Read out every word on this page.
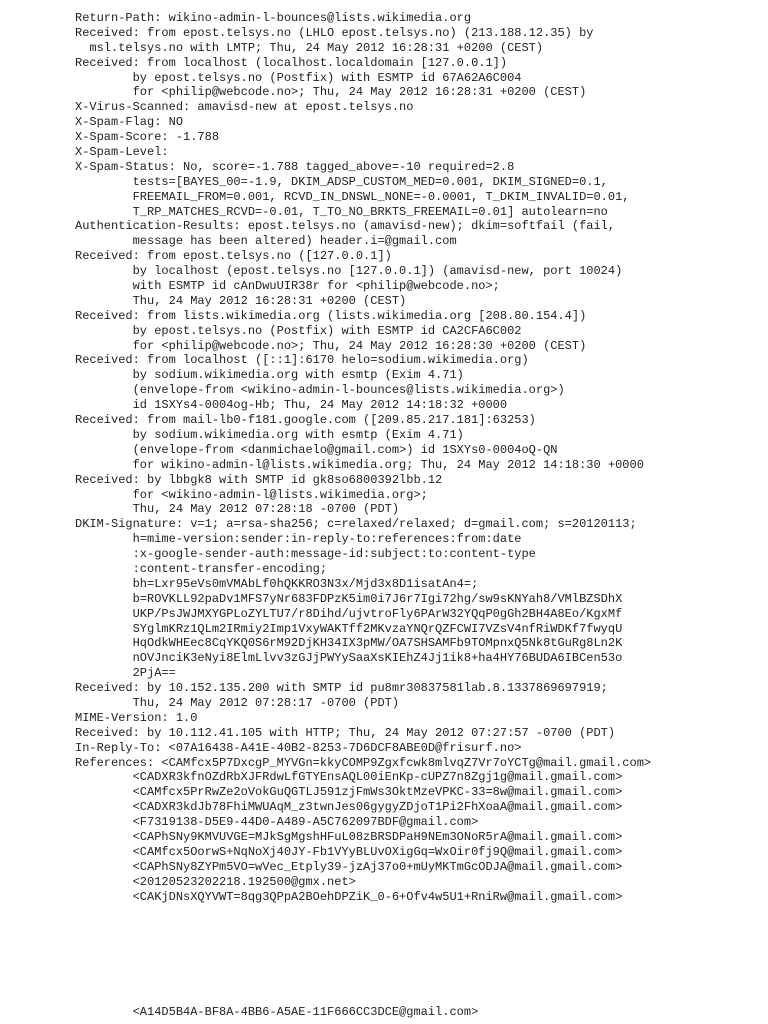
Return-Path: wikino-admin-l-bounces@lists.wikimedia.org
Received: from epost.telsys.no (LHLO epost.telsys.no) (213.188.12.35) by
msl.telsys.no with LMTP; Thu, 24 May 2012 16:28:31 +0200 (CEST)
Received: from localhost (localhost.localdomain [127.0.0.1])
by epost.telsys.no (Postfix) with ESMTP id 67A62A6C004
for <philip@webcode.no>; Thu, 24 May 2012 16:28:31 +0200 (CEST)
X-Virus-Scanned: amavisd-new at epost.telsys.no
X-Spam-Flag: NO
X-Spam-Score: -1.788
X-Spam-Level:
X-Spam-Status: No, score=-1.788 tagged_above=-10 required=2.8
tests=[BAYES_00=-1.9, DKIM_ADSP_CUSTOM_MED=0.001, DKIM_SIGNED=0.1,
FREEMAIL_FROM=0.001, RCVD_IN_DNSWL_NONE=-0.0001, T_DKIM_INVALID=0.01,
T_RP_MATCHES_RCVD=-0.01, T_TO_NO_BRKTS_FREEMAIL=0.01] autolearn=no
Authentication-Results: epost.telsys.no (amavisd-new); dkim=softfail (fail,
message has been altered) header.i=@gmail.com
Received: from epost.telsys.no ([127.0.0.1])
by localhost (epost.telsys.no [127.0.0.1]) (amavisd-new, port 10024)
with ESMTP id cAnDwuUIR38r for <philip@webcode.no>;
Thu, 24 May 2012 16:28:31 +0200 (CEST)
Received: from lists.wikimedia.org (lists.wikimedia.org [208.80.154.4])
by epost.telsys.no (Postfix) with ESMTP id CA2CFA6C002
for <philip@webcode.no>; Thu, 24 May 2012 16:28:30 +0200 (CEST)
Received: from localhost ([::1]:6170 helo=sodium.wikimedia.org)
by sodium.wikimedia.org with esmtp (Exim 4.71)
(envelope-from <wikino-admin-l-bounces@lists.wikimedia.org>)
id 1SXYs4-0004og-Hb; Thu, 24 May 2012 14:18:32 +0000
Received: from mail-lb0-f181.google.com ([209.85.217.181]:63253)
by sodium.wikimedia.org with esmtp (Exim 4.71)
(envelope-from <danmichaelo@gmail.com>) id 1SXYs0-0004oQ-QN
for wikino-admin-l@lists.wikimedia.org; Thu, 24 May 2012 14:18:30 +0000
Received: by lbbgk8 with SMTP id gk8so6800392lbb.12
for <wikino-admin-l@lists.wikimedia.org>;
Thu, 24 May 2012 07:28:18 -0700 (PDT)
DKIM-Signature: v=1; a=rsa-sha256; c=relaxed/relaxed; d=gmail.com; s=20120113;
h=mime-version:sender:in-reply-to:references:from:date
:x-google-sender-auth:message-id:subject:to:content-type
:content-transfer-encoding;
bh=Lxr95eVs0mVMAbLf0hQKKRO3N3x/Mjd3x8D1isatAn4=;
b=ROVKLL92paDv1MFS7yNr683FDPzK5im0i7J6r7Igi72hg/sw9sKNYah8/VMlBZSDhX
UKP/PsJWJMXYGPLoZYLTU7/r8Dihd/ujvtroFly6PArW32YQqP0gGh2BH4A8Eo/KgxMf
SYglmKRz1QLm2IRmiy2Imp1VxyWAKTff2MKvzaYNQrQZFCWI7VZsV4nfRiWDKf7fwyqU
HqOdkWHEec8CqYKQ0S6rM92DjKH34IX3pMW/OA7SHSAMFb9TOMpnxQ5Nk8tGuRg8Ln2K
nOVJnciK3eNyi8ElmLlvv3zGJjPWYySaaXsKIEhZ4Jj1ik8+ha4HY76BUDA6IBCen53o
2PjA==
Received: by 10.152.135.200 with SMTP id pu8mr30837581lab.8.1337869697919;
Thu, 24 May 2012 07:28:17 -0700 (PDT)
MIME-Version: 1.0
Received: by 10.112.41.105 with HTTP; Thu, 24 May 2012 07:27:57 -0700 (PDT)
In-Reply-To: <07A16438-A41E-40B2-8253-7D6DCF8ABE0D@frisurf.no>
References: <CAMfcx5P7DxcgP_MYVGn=kkyCOMP9Zgxfcwk8mlvqZ7Vr7oYCTg@mail.gmail.com>
<CADXR3kfnOZdRbXJFRdwLfGTYEnsAQL00iEnKp-cUPZ7n8Zgj1g@mail.gmail.com>
<CAMfcx5PrRwZe2oVokGuQGTLJ591zjFmWs3OktMzeVPKC-33=8w@mail.gmail.com>
<CADXR3kdJb78FhiMWUAqM_z3twnJes06gygyZDjoT1Pi2FhXoaA@mail.gmail.com>
<F7319138-D5E9-44D0-A489-A5C762097BDF@gmail.com>
<CAPhSNy9KMVUVGE=MJkSgMgshHFuL08zBRSDPaH9NEm3ONoR5rA@mail.gmail.com>
<CAMfcx5OorwS+NqNoXj40JY-Fb1VYyBLUvOXigGq=WxOir0fj9Q@mail.gmail.com>
<CAPhSNy8ZYPm5VO=wVec_Etply39-jzAj37o0+mUyMKTmGcODJA@mail.gmail.com>
<20120523202218.192500@gmx.net>
<CAKjDNsXQYVWT=8qg3QPpA2BOehDPZiK_0-6+Ofv4w5U1+RniRw@mail.gmail.com>
<A14D5B4A-BF8A-4BB6-A5AE-11F666CC3DCE@gmail.com>
